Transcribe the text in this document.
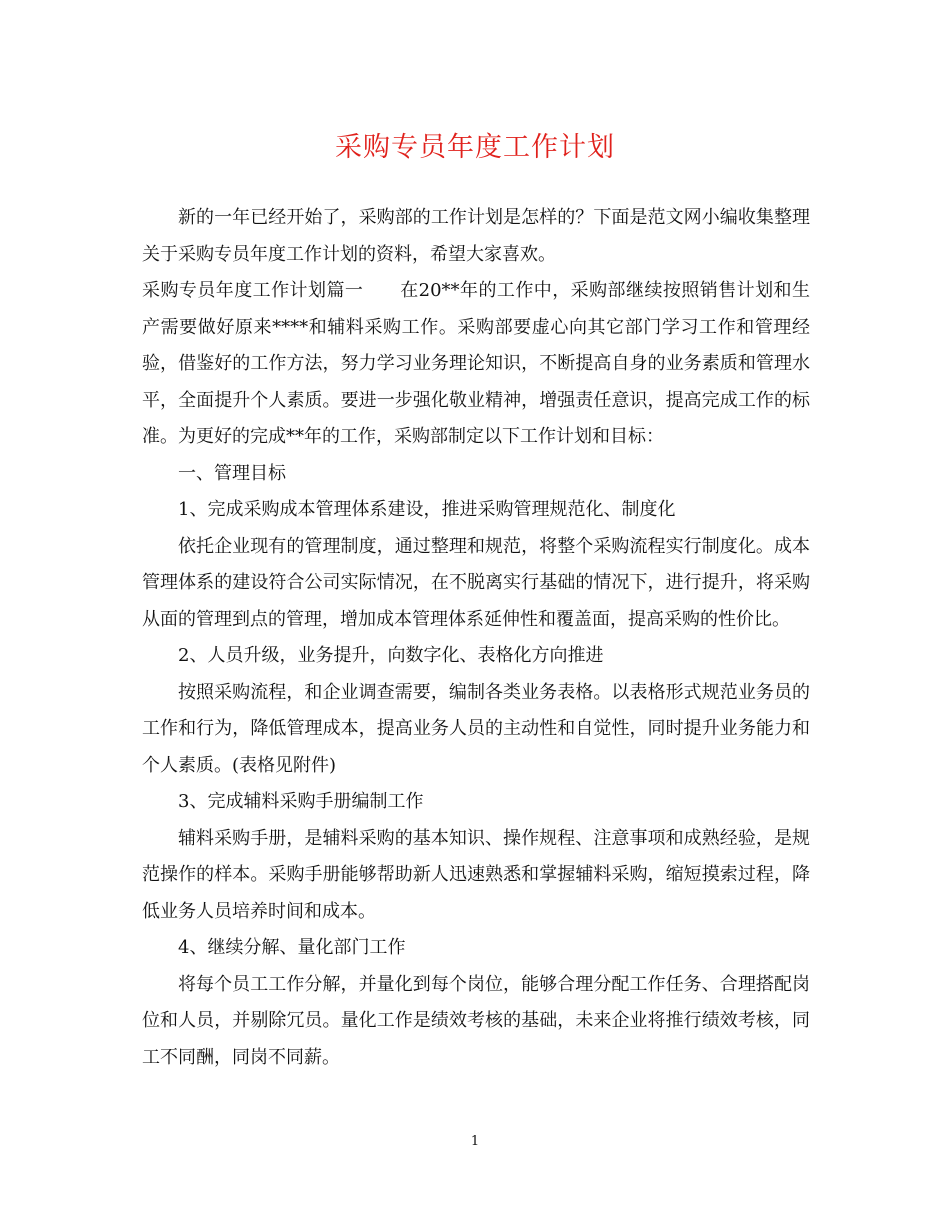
采购专员年度工作计划

新的一年已经开始了，采购部的工作计划是怎样的？下面是范文网小编收集整理关于采购专员年度工作计划的资料，希望大家喜欢。

采购专员年度工作计划篇一　　在20**年的工作中，采购部继续按照销售计划和生产需要做好原来****和辅料采购工作。采购部要虚心向其它部门学习工作和管理经验，借鉴好的工作方法，努力学习业务理论知识，不断提高自身的业务素质和管理水平，全面提升个人素质。要进一步强化敬业精神，增强责任意识，提高完成工作的标准。为更好的完成**年的工作，采购部制定以下工作计划和目标：

一、管理目标

1、完成采购成本管理体系建设，推进采购管理规范化、制度化

依托企业现有的管理制度，通过整理和规范，将整个采购流程实行制度化。成本管理体系的建设符合公司实际情况，在不脱离实行基础的情况下，进行提升，将采购从面的管理到点的管理，增加成本管理体系延伸性和覆盖面，提高采购的性价比。

2、人员升级，业务提升，向数字化、表格化方向推进

按照采购流程，和企业调查需要，编制各类业务表格。以表格形式规范业务员的工作和行为，降低管理成本，提高业务人员的主动性和自觉性，同时提升业务能力和个人素质。(表格见附件)

3、完成辅料采购手册编制工作

辅料采购手册，是辅料采购的基本知识、操作规程、注意事项和成熟经验，是规范操作的样本。采购手册能够帮助新人迅速熟悉和掌握辅料采购，缩短摸索过程，降低业务人员培养时间和成本。

4、继续分解、量化部门工作

将每个员工工作分解，并量化到每个岗位，能够合理分配工作任务、合理搭配岗位和人员，并剔除冗员。量化工作是绩效考核的基础，未来企业将推行绩效考核，同工不同酬，同岗不同薪。

1
